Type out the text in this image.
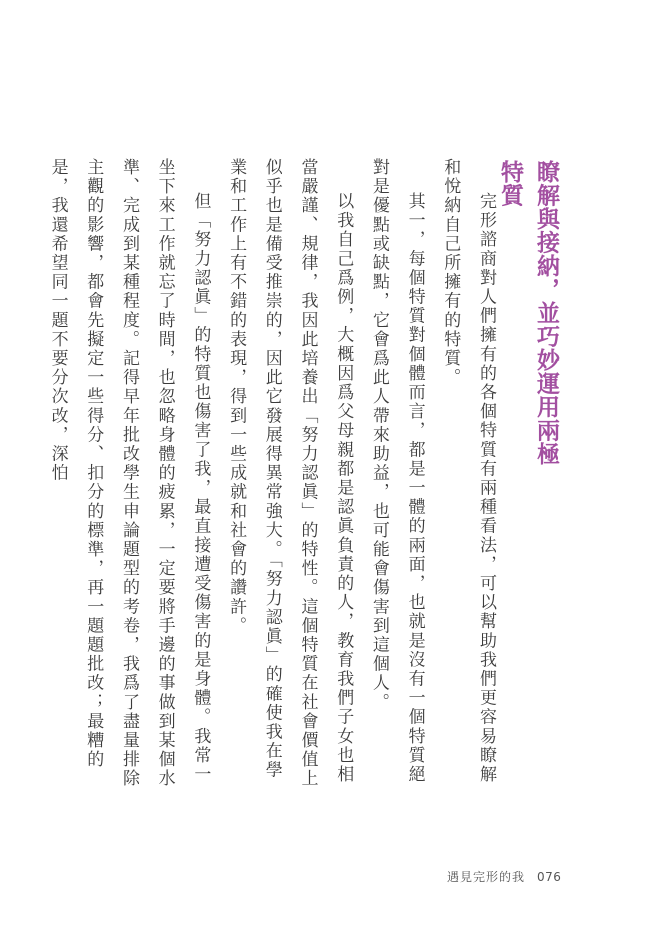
瞭解與接納，並巧妙運用兩極特質

完形諮商對人們擁有的各個特質有兩種看法，可以幫助我們更容易瞭解和悅納自己所擁有的特質。

其一，每個特質對個體而言，都是一體的兩面，也就是沒有一個特質絕對是優點或缺點，它會爲此人帶來助益，也可能會傷害到這個人。

以我自己爲例，大概因爲父母親都是認眞負責的人，教育我們子女也相當嚴謹、規律，我因此培養出「努力認眞」的特性。這個特質在社會價值上似乎也是備受推崇的，因此它發展得異常強大。「努力認眞」的確使我在學業和工作上有不錯的表現，得到一些成就和社會的讚許。

但「努力認眞」的特質也傷害了我，最直接遭受傷害的是身體。我常一坐下來工作就忘了時間，也忽略身體的疲累，一定要將手邊的事做到某個水準、完成到某種程度。記得早年批改學生申論題型的考卷，我爲了盡量排除主觀的影響，都會先擬定一些得分、扣分的標準，再一題題批改；最糟的是，我還希望同一題不要分次改，深怕

遇見完形的我 076
